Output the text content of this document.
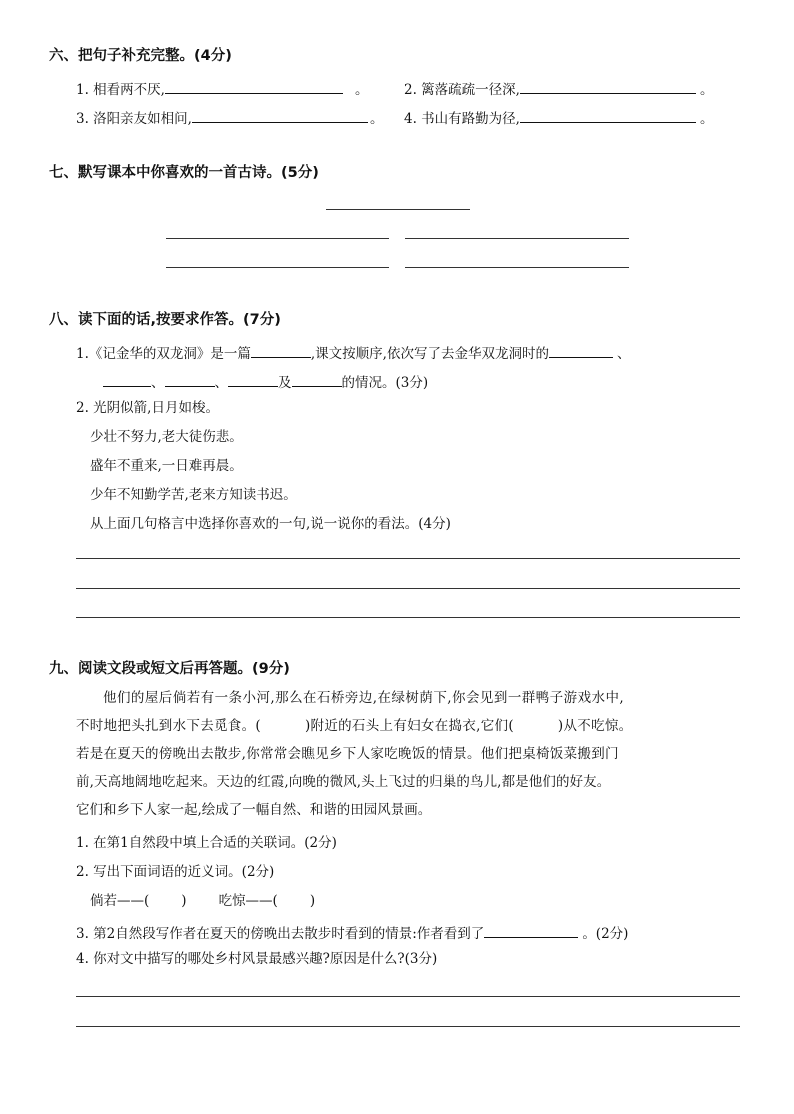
六、把句子补充完整。(4分)
1. 相看两不厌,	。	2. 篱落疏疏一径深,	。
3. 洛阳亲友如相问,	。 4. 书山有路勤为径,	。
七、默写课本中你喜欢的一首古诗。(5分)
八、读下面的话,按要求作答。(7分)
1.《记金华的双龙洞》是一篇	,课文按顺序,依次写了去金华双龙洞时的	、
、	、	及	的情况。(3分)
2. 光阴似箭,日月如梭。
少壮不努力,老大徒伤悲。
盛年不重来,一日难再晨。
少年不知勤学苦,老来方知读书迟。
从上面几句格言中选择你喜欢的一句,说一说你的看法。(4分)
九、阅读文段或短文后再答题。(9分)
他们的屋后倘若有一条小河,那么在石桥旁边,在绿树荫下,你会见到一群鸭子游戏水中,
不时地把头扎到水下去觅食。(	)附近的石头上有妇女在捣衣,它们(	)从不吃惊。
若是在夏天的傍晚出去散步,你常常会瞧见乡下人家吃晚饭的情景。他们把桌椅饭菜搬到门
前,天高地阔地吃起来。天边的红霞,向晚的微风,头上飞过的归巢的鸟儿,都是他们的好友。
它们和乡下人家一起,绘成了一幅自然、和谐的田园风景画。
1. 在第1自然段中填上合适的关联词。(2分)
2. 写出下面词语的近义词。(2分)
倘若——( ) 吃惊——( )
3. 第2自然段写作者在夏天的傍晚出去散步时看到的情景:作者看到了	。(2分)
4. 你对文中描写的哪处乡村风景最感兴趣?原因是什么?(3分)
